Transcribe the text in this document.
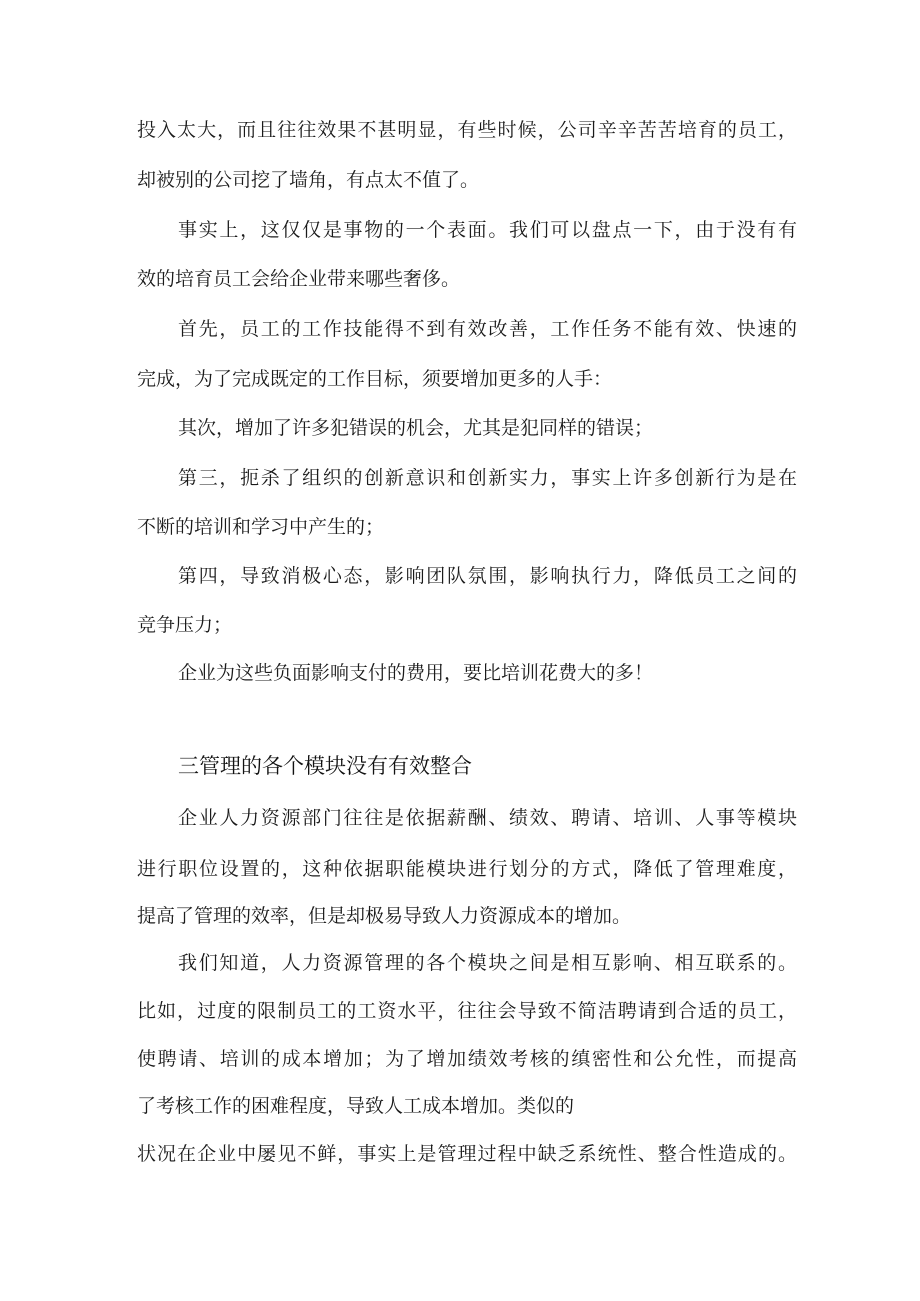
投入太大，而且往往效果不甚明显，有些时候，公司辛辛苦苦培育的员工，
却被别的公司挖了墙角，有点太不值了。
事实上，这仅仅是事物的一个表面。我们可以盘点一下，由于没有有
效的培育员工会给企业带来哪些奢侈。
首先，员工的工作技能得不到有效改善，工作任务不能有效、快速的
完成，为了完成既定的工作目标，须要增加更多的人手：
其次，增加了许多犯错误的机会，尤其是犯同样的错误；
第三，扼杀了组织的创新意识和创新实力，事实上许多创新行为是在
不断的培训和学习中产生的；
第四，导致消极心态，影响团队氛围，影响执行力，降低员工之间的
竞争压力；
企业为这些负面影响支付的费用，要比培训花费大的多！
三管理的各个模块没有有效整合
企业人力资源部门往往是依据薪酬、绩效、聘请、培训、人事等模块
进行职位设置的，这种依据职能模块进行划分的方式，降低了管理难度，
提高了管理的效率，但是却极易导致人力资源成本的增加。
我们知道，人力资源管理的各个模块之间是相互影响、相互联系的。
比如，过度的限制员工的工资水平，往往会导致不简洁聘请到合适的员工，
使聘请、培训的成本增加；为了增加绩效考核的缜密性和公允性，而提高
了考核工作的困难程度，导致人工成本增加。类似的
状况在企业中屡见不鲜，事实上是管理过程中缺乏系统性、整合性造成的。
